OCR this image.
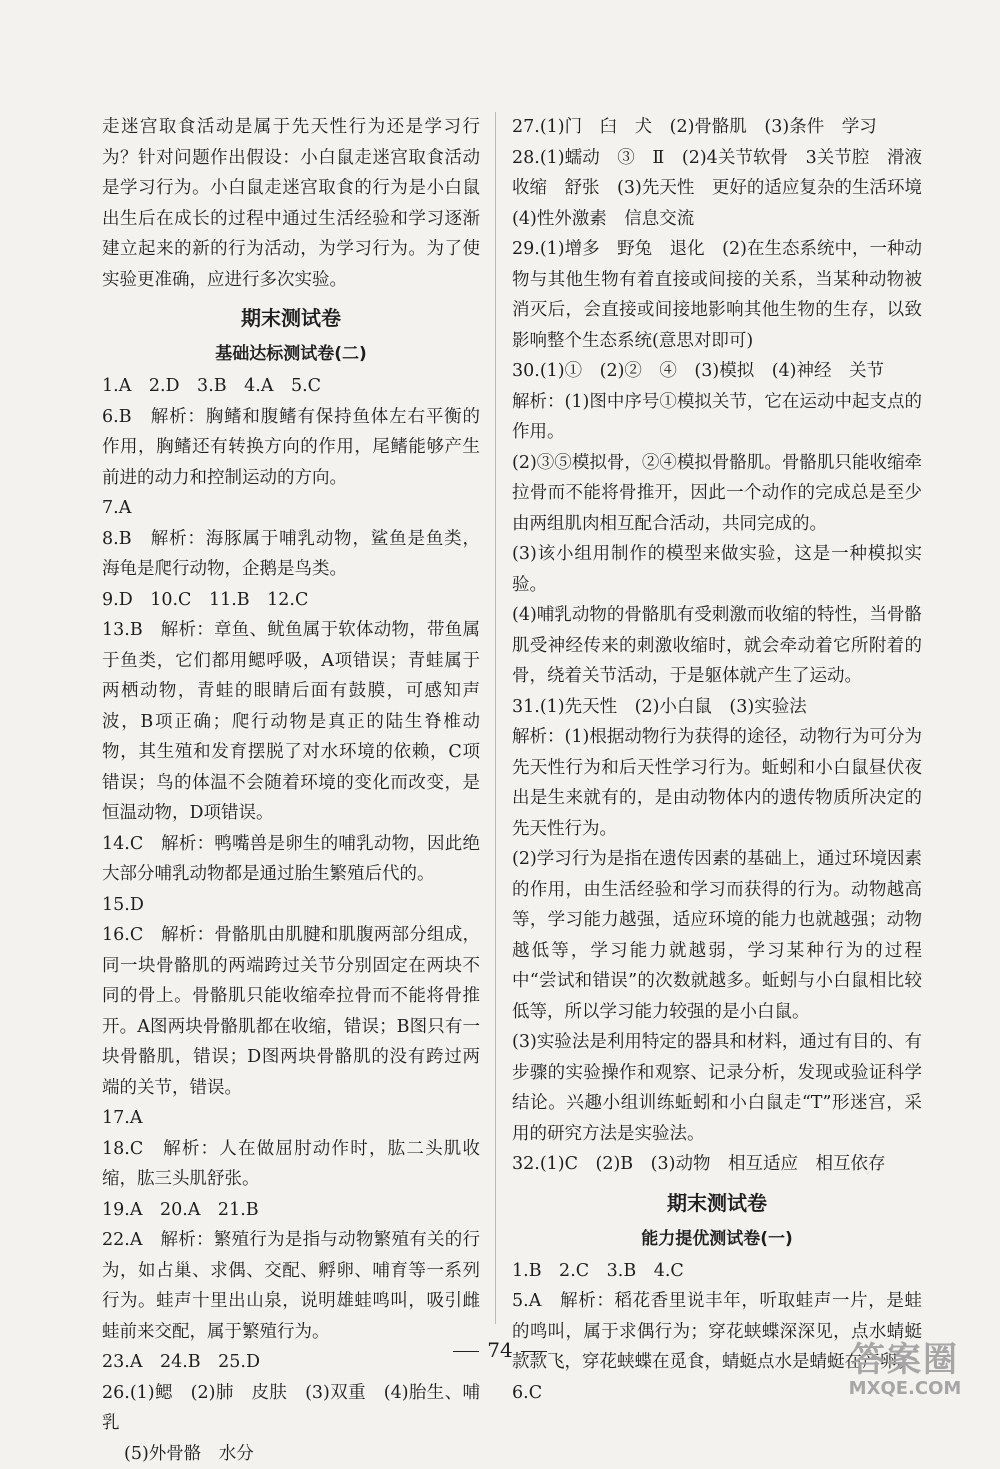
走迷宫取食活动是属于先天性行为还是学习行为？针对问题作出假设：小白鼠走迷宫取食活动是学习行为。小白鼠走迷宫取食的行为是小白鼠出生后在成长的过程中通过生活经验和学习逐渐建立起来的新的行为活动，为学习行为。为了使实验更准确，应进行多次实验。

期末测试卷

基础达标测试卷(二)

1.A　2.D　3.B　4.A　5.C

6.B　解析：胸鳍和腹鳍有保持鱼体左右平衡的作用，胸鳍还有转换方向的作用，尾鳍能够产生前进的动力和控制运动的方向。

7.A

8.B　解析：海豚属于哺乳动物，鲨鱼是鱼类，海龟是爬行动物，企鹅是鸟类。

9.D　10.C　11.B　12.C

13.B　解析：章鱼、鱿鱼属于软体动物，带鱼属于鱼类，它们都用鳃呼吸，A项错误；青蛙属于两栖动物，青蛙的眼睛后面有鼓膜，可感知声波，B项正确；爬行动物是真正的陆生脊椎动物，其生殖和发育摆脱了对水环境的依赖，C项错误；鸟的体温不会随着环境的变化而改变，是恒温动物，D项错误。

14.C　解析：鸭嘴兽是卵生的哺乳动物，因此绝大部分哺乳动物都是通过胎生繁殖后代的。

15.D

16.C　解析：骨骼肌由肌腱和肌腹两部分组成，同一块骨骼肌的两端跨过关节分别固定在两块不同的骨上。骨骼肌只能收缩牵拉骨而不能将骨推开。A图两块骨骼肌都在收缩，错误；B图只有一块骨骼肌，错误；D图两块骨骼肌的没有跨过两端的关节，错误。

17.A

18.C　解析：人在做屈肘动作时，肱二头肌收缩，肱三头肌舒张。

19.A　20.A　21.B

22.A　解析：繁殖行为是指与动物繁殖有关的行为，如占巢、求偶、交配、孵卵、哺育等一系列行为。蛙声十里出山泉，说明雄蛙鸣叫，吸引雌蛙前来交配，属于繁殖行为。

23.A　24.B　25.D

26.(1)鳃　(2)肺　皮肤　(3)双重　(4)胎生、哺乳

(5)外骨骼　水分

27.(1)门　臼　犬　(2)骨骼肌　(3)条件　学习

28.(1)蠕动　③　Ⅱ　(2)4关节软骨　3关节腔　滑液　收缩　舒张　(3)先天性　更好的适应复杂的生活环境　(4)性外激素　信息交流

29.(1)增多　野兔　退化　(2)在生态系统中，一种动物与其他生物有着直接或间接的关系，当某种动物被消灭后，会直接或间接地影响其他生物的生存，以致影响整个生态系统(意思对即可)

30.(1)①　(2)②　④　(3)模拟　(4)神经　关节

解析：(1)图中序号①模拟关节，它在运动中起支点的作用。

(2)③⑤模拟骨，②④模拟骨骼肌。骨骼肌只能收缩牵拉骨而不能将骨推开，因此一个动作的完成总是至少由两组肌肉相互配合活动，共同完成的。

(3)该小组用制作的模型来做实验，这是一种模拟实验。

(4)哺乳动物的骨骼肌有受刺激而收缩的特性，当骨骼肌受神经传来的刺激收缩时，就会牵动着它所附着的骨，绕着关节活动，于是躯体就产生了运动。

31.(1)先天性　(2)小白鼠　(3)实验法

解析：(1)根据动物行为获得的途径，动物行为可分为先天性行为和后天性学习行为。蚯蚓和小白鼠昼伏夜出是生来就有的，是由动物体内的遗传物质所决定的先天性行为。

(2)学习行为是指在遗传因素的基础上，通过环境因素的作用，由生活经验和学习而获得的行为。动物越高等，学习能力越强，适应环境的能力也就越强；动物越低等，学习能力就越弱，学习某种行为的过程中“尝试和错误”的次数就越多。蚯蚓与小白鼠相比较低等，所以学习能力较强的是小白鼠。

(3)实验法是利用特定的器具和材料，通过有目的、有步骤的实验操作和观察、记录分析，发现或验证科学结论。兴趣小组训练蚯蚓和小白鼠走“T”形迷宫，采用的研究方法是实验法。

32.(1)C　(2)B　(3)动物　相互适应　相互依存

期末测试卷

能力提优测试卷(一)

1.B　2.C　3.B　4.C

5.A　解析：稻花香里说丰年，听取蛙声一片，是蛙的鸣叫，属于求偶行为；穿花蛱蝶深深见，点水蜻蜓款款飞，穿花蛱蝶在觅食，蜻蜓点水是蜻蜓在产卵。

6.C

74	答案圈
MXQE.COM
